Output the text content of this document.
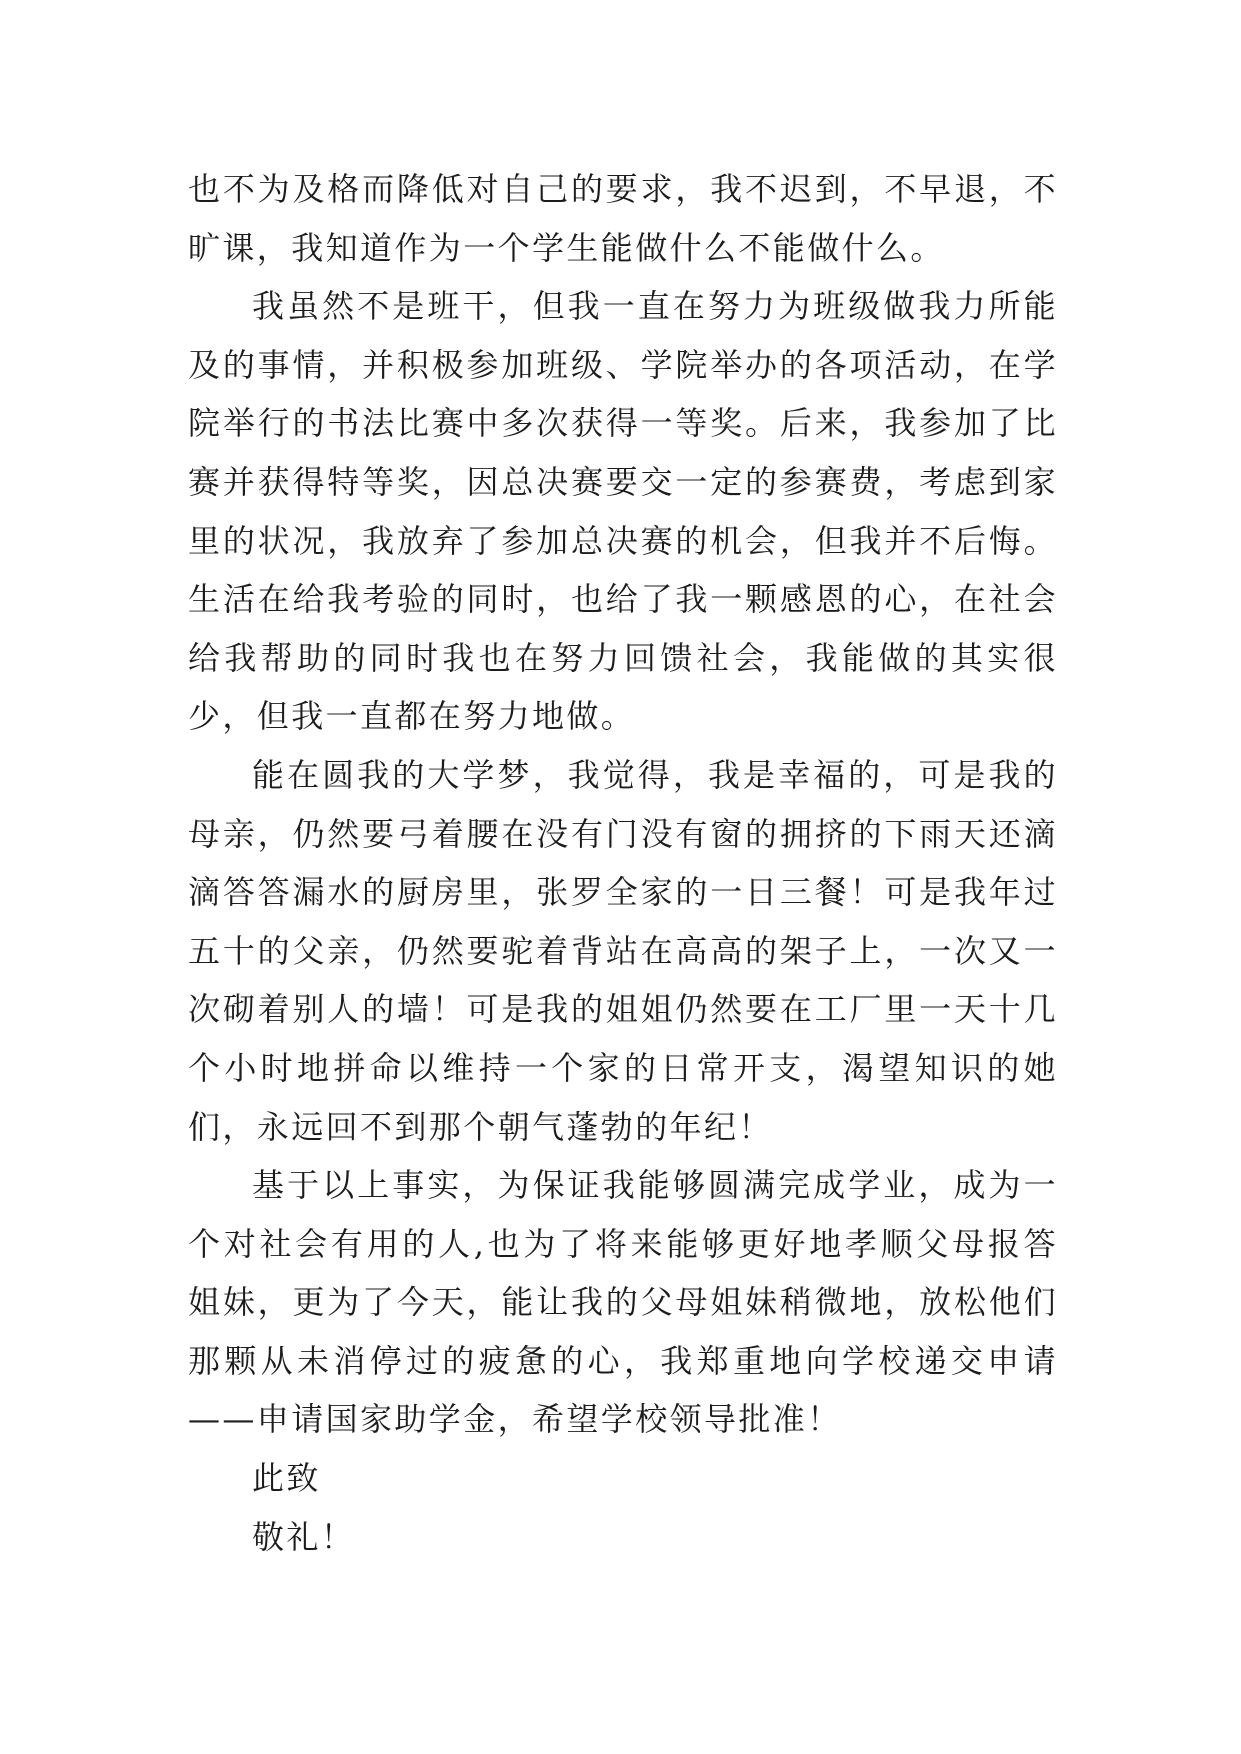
也不为及格而降低对自己的要求，我不迟到，不早退，不旷课，我知道作为一个学生能做什么不能做什么。

我虽然不是班干，但我一直在努力为班级做我力所能及的事情，并积极参加班级、学院举办的各项活动，在学院举行的书法比赛中多次获得一等奖。后来，我参加了比赛并获得特等奖，因总决赛要交一定的参赛费，考虑到家里的状况，我放弃了参加总决赛的机会，但我并不后悔。生活在给我考验的同时，也给了我一颗感恩的心，在社会给我帮助的同时我也在努力回馈社会，我能做的其实很少，但我一直都在努力地做。

能在圆我的大学梦，我觉得，我是幸福的，可是我的母亲，仍然要弓着腰在没有门没有窗的拥挤的下雨天还滴滴答答漏水的厨房里，张罗全家的一日三餐！可是我年过五十的父亲，仍然要驼着背站在高高的架子上，一次又一次砌着别人的墙！可是我的姐姐仍然要在工厂里一天十几个小时地拼命以维持一个家的日常开支，渴望知识的她们，永远回不到那个朝气蓬勃的年纪！

基于以上事实，为保证我能够圆满完成学业，成为一个对社会有用的人,也为了将来能够更好地孝顺父母报答姐妹，更为了今天，能让我的父母姐妹稍微地，放松他们那颗从未消停过的疲惫的心，我郑重地向学校递交申请——申请国家助学金，希望学校领导批准！

此致

敬礼！
